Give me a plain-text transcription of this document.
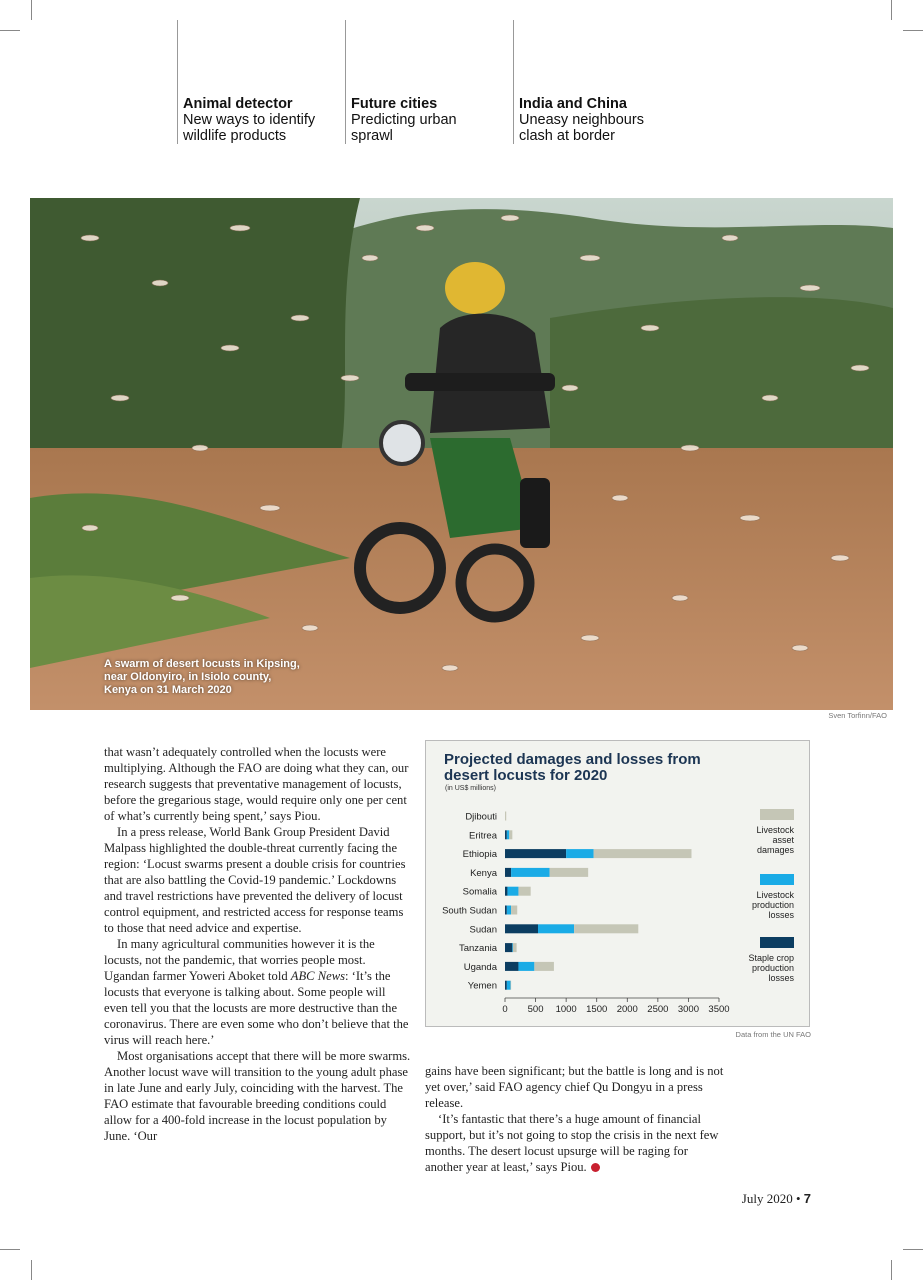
Animal detector
New ways to identify wildlife products
Future cities
Predicting urban sprawl
India and China
Uneasy neighbours clash at border
A swarm of desert locusts in Kipsing, near Oldonyiro, in Isiolo county, Kenya on 31 March 2020
Sven Torfinn/FAO

that wasn’t adequately controlled when the locusts were multiplying. Although the FAO are doing what they can, our research suggests that preventative management of locusts, before the gregarious stage, would require only one per cent of what’s currently being spent,’ says Piou.

In a press release, World Bank Group President David Malpass highlighted the double-threat currently facing the region: ‘Locust swarms present a double crisis for countries that are also battling the Covid-19 pandemic.’ Lockdowns and travel restrictions have prevented the delivery of locust control equipment, and restricted access for response teams to those that need advice and expertise.

In many agricultural communities however it is the locusts, not the pandemic, that worries people most. Ugandan farmer Yoweri Aboket told ABC News: ‘It’s the locusts that everyone is talking about. Some people will even tell you that the locusts are more destructive than the coronavirus. There are even some who don’t believe that the virus will reach here.’

Most organisations accept that there will be more swarms. Another locust wave will transition to the young adult phase in late June and early July, coinciding with the harvest. The FAO estimate that favourable breeding conditions could allow for a 400-fold increase in the locust population by June. ‘Our

Djibouti
Eritrea
Ethiopia
Kenya
Somalia
South Sudan
Sudan
Tanzania
Uganda
Yemen
0 500 1000 1500 2000 2500 3000 3500
Projected damages and losses from desert locusts for 2020
(in US$ millions)
Livestock asset damages
Livestock production losses
Staple crop production losses
Data from the UN FAO

gains have been significant; but the battle is long and is not yet over,’ said FAO agency chief Qu Dongyu in a press release.

‘It’s fantastic that there’s a huge amount of financial support, but it’s not going to stop the crisis in the next few months. The desert locust upsurge will be raging for another year at least,’ says Piou.

July 2020 • 7
